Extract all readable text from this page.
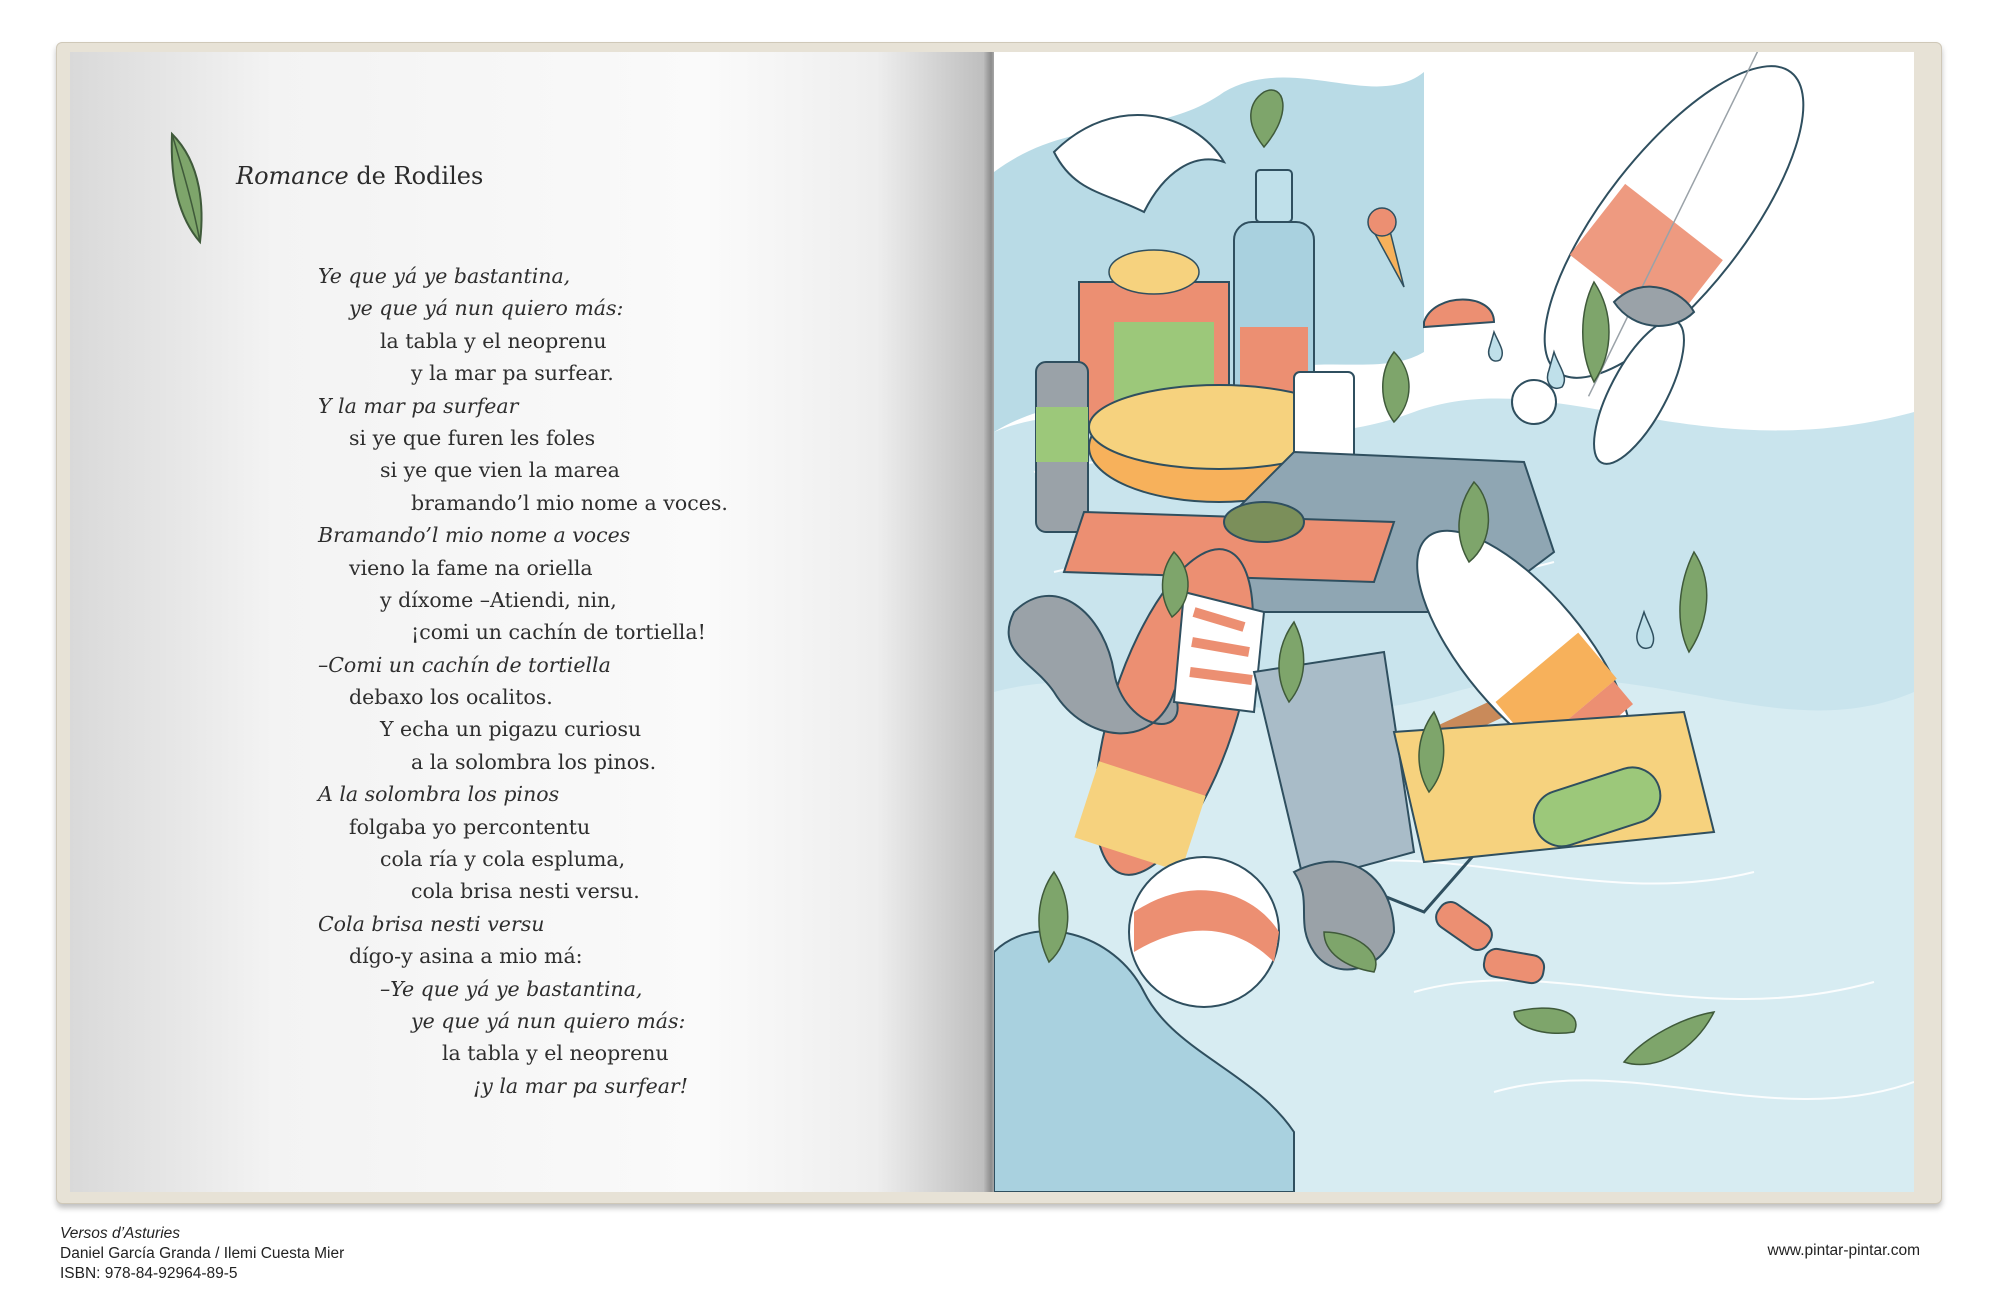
Romance de Rodiles
Ye que yá ye bastantina,
ye que yá nun quiero más:
la tabla y el neoprenu
y la mar pa surfear.
Y la mar pa surfear
si ye que furen les foles
si ye que vien la marea
bramando’l mio nome a voces.
Bramando’l mio nome a voces
vieno la fame na oriella
y díxome –Atiendi, nin,
¡comi un cachín de tortiella!
–Comi un cachín de tortiella
debaxo los ocalitos.
Y echa un pigazu curiosu
a la solombra los pinos.
A la solombra los pinos
folgaba yo percontentu
cola ría y cola espluma,
cola brisa nesti versu.
Cola brisa nesti versu
dígo-y asina a mio má:
–Ye que yá ye bastantina,
ye que yá nun quiero más:
la tabla y el neoprenu
¡y la mar pa surfear!
Versos d’Asturies
Daniel García Granda / Ilemi Cuesta Mier
ISBN: 978-84-92964-89-5
www.pintar-pintar.com
